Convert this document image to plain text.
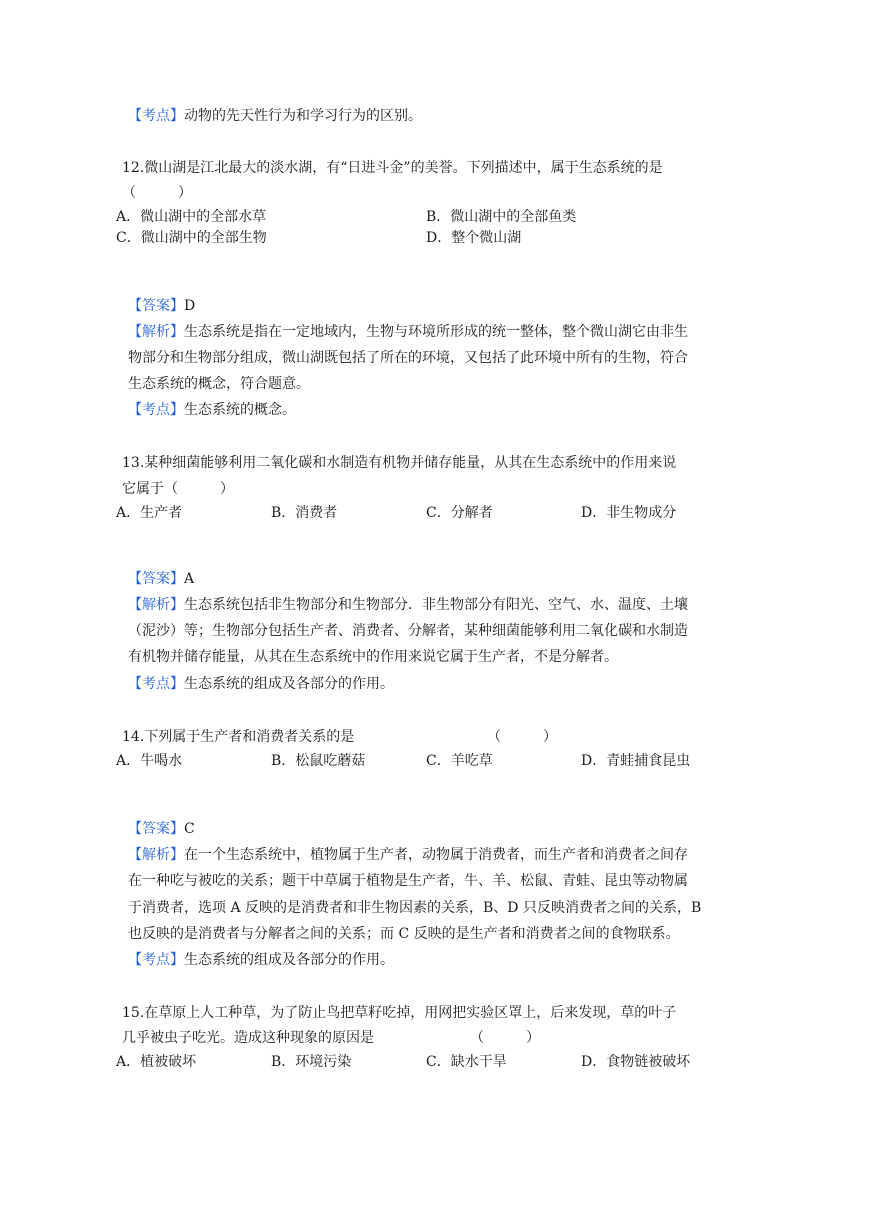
【考点】动物的先天性行为和学习行为的区别。
12.微山湖是江北最大的淡水湖，有“日进斗金”的美誉。下列描述中，属于生态系统的是
（　　　）
A．微山湖中的全部水草	B．微山湖中的全部鱼类
C．微山湖中的全部生物	D．整个微山湖
【答案】D
【解析】生态系统是指在一定地域内，生物与环境所形成的统一整体，整个微山湖它由非生
物部分和生物部分组成，微山湖既包括了所在的环境，又包括了此环境中所有的生物，符合
生态系统的概念，符合题意。
【考点】生态系统的概念。
13.某种细菌能够利用二氧化碳和水制造有机物并储存能量，从其在生态系统中的作用来说
它属于（　　　）
A．生产者	B．消费者	C．分解者	D．非生物成分
【答案】A
【解析】生态系统包括非生物部分和生物部分．非生物部分有阳光、空气、水、温度、土壤
（泥沙）等；生物部分包括生产者、消费者、分解者，某种细菌能够利用二氧化碳和水制造
有机物并储存能量，从其在生态系统中的作用来说它属于生产者，不是分解者。
【考点】生态系统的组成及各部分的作用。
14.下列属于生产者和消费者关系的是	（　　　）
A．牛喝水	B．松鼠吃蘑菇	C．羊吃草	D．青蛙捕食昆虫
【答案】C
【解析】在一个生态系统中，植物属于生产者，动物属于消费者，而生产者和消费者之间存
在一种吃与被吃的关系；题干中草属于植物是生产者，牛、羊、松鼠、青蛙、昆虫等动物属
于消费者，选项 A 反映的是消费者和非生物因素的关系，B、D 只反映消费者之间的关系，B
也反映的是消费者与分解者之间的关系；而 C 反映的是生产者和消费者之间的食物联系。
【考点】生态系统的组成及各部分的作用。
15.在草原上人工种草，为了防止鸟把草籽吃掉，用网把实验区罩上，后来发现，草的叶子
几乎被虫子吃光。造成这种现象的原因是	（　　　）
A．植被破坏	B．环境污染	C．缺水干旱	D．食物链被破坏
